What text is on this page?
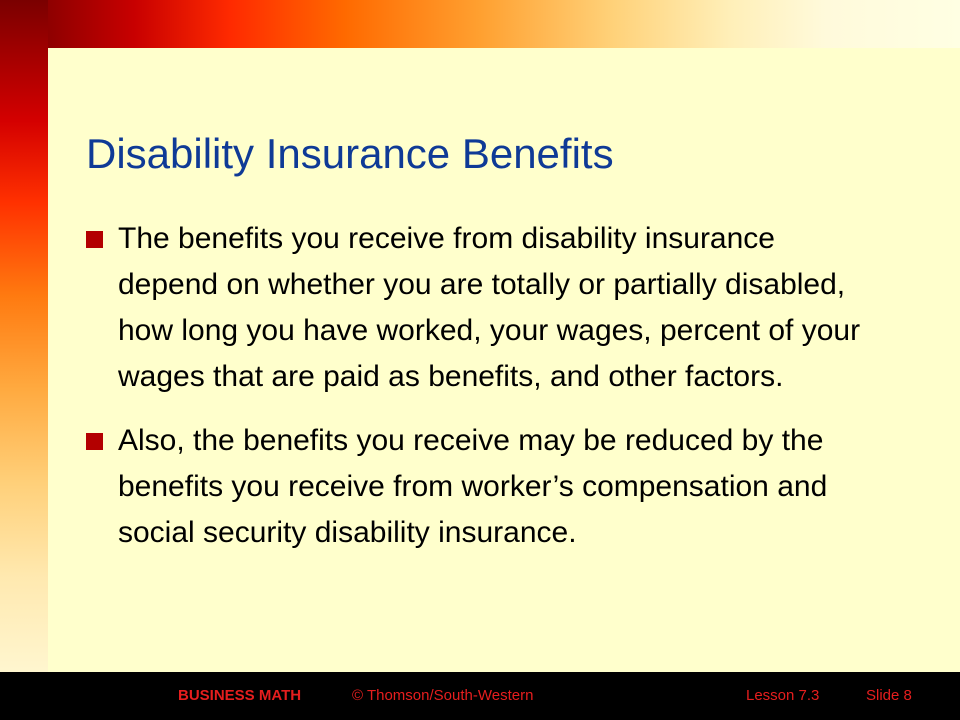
Disability Insurance Benefits
The benefits you receive from disability insurance depend on whether you are totally or partially disabled, how long you have worked, your wages, percent of your wages that are paid as benefits, and other factors.
Also, the benefits you receive may be reduced by the benefits you receive from worker’s compensation and social security disability insurance.
BUSINESS MATH	© Thomson/South-Western	Lesson 7.3	Slide 8
